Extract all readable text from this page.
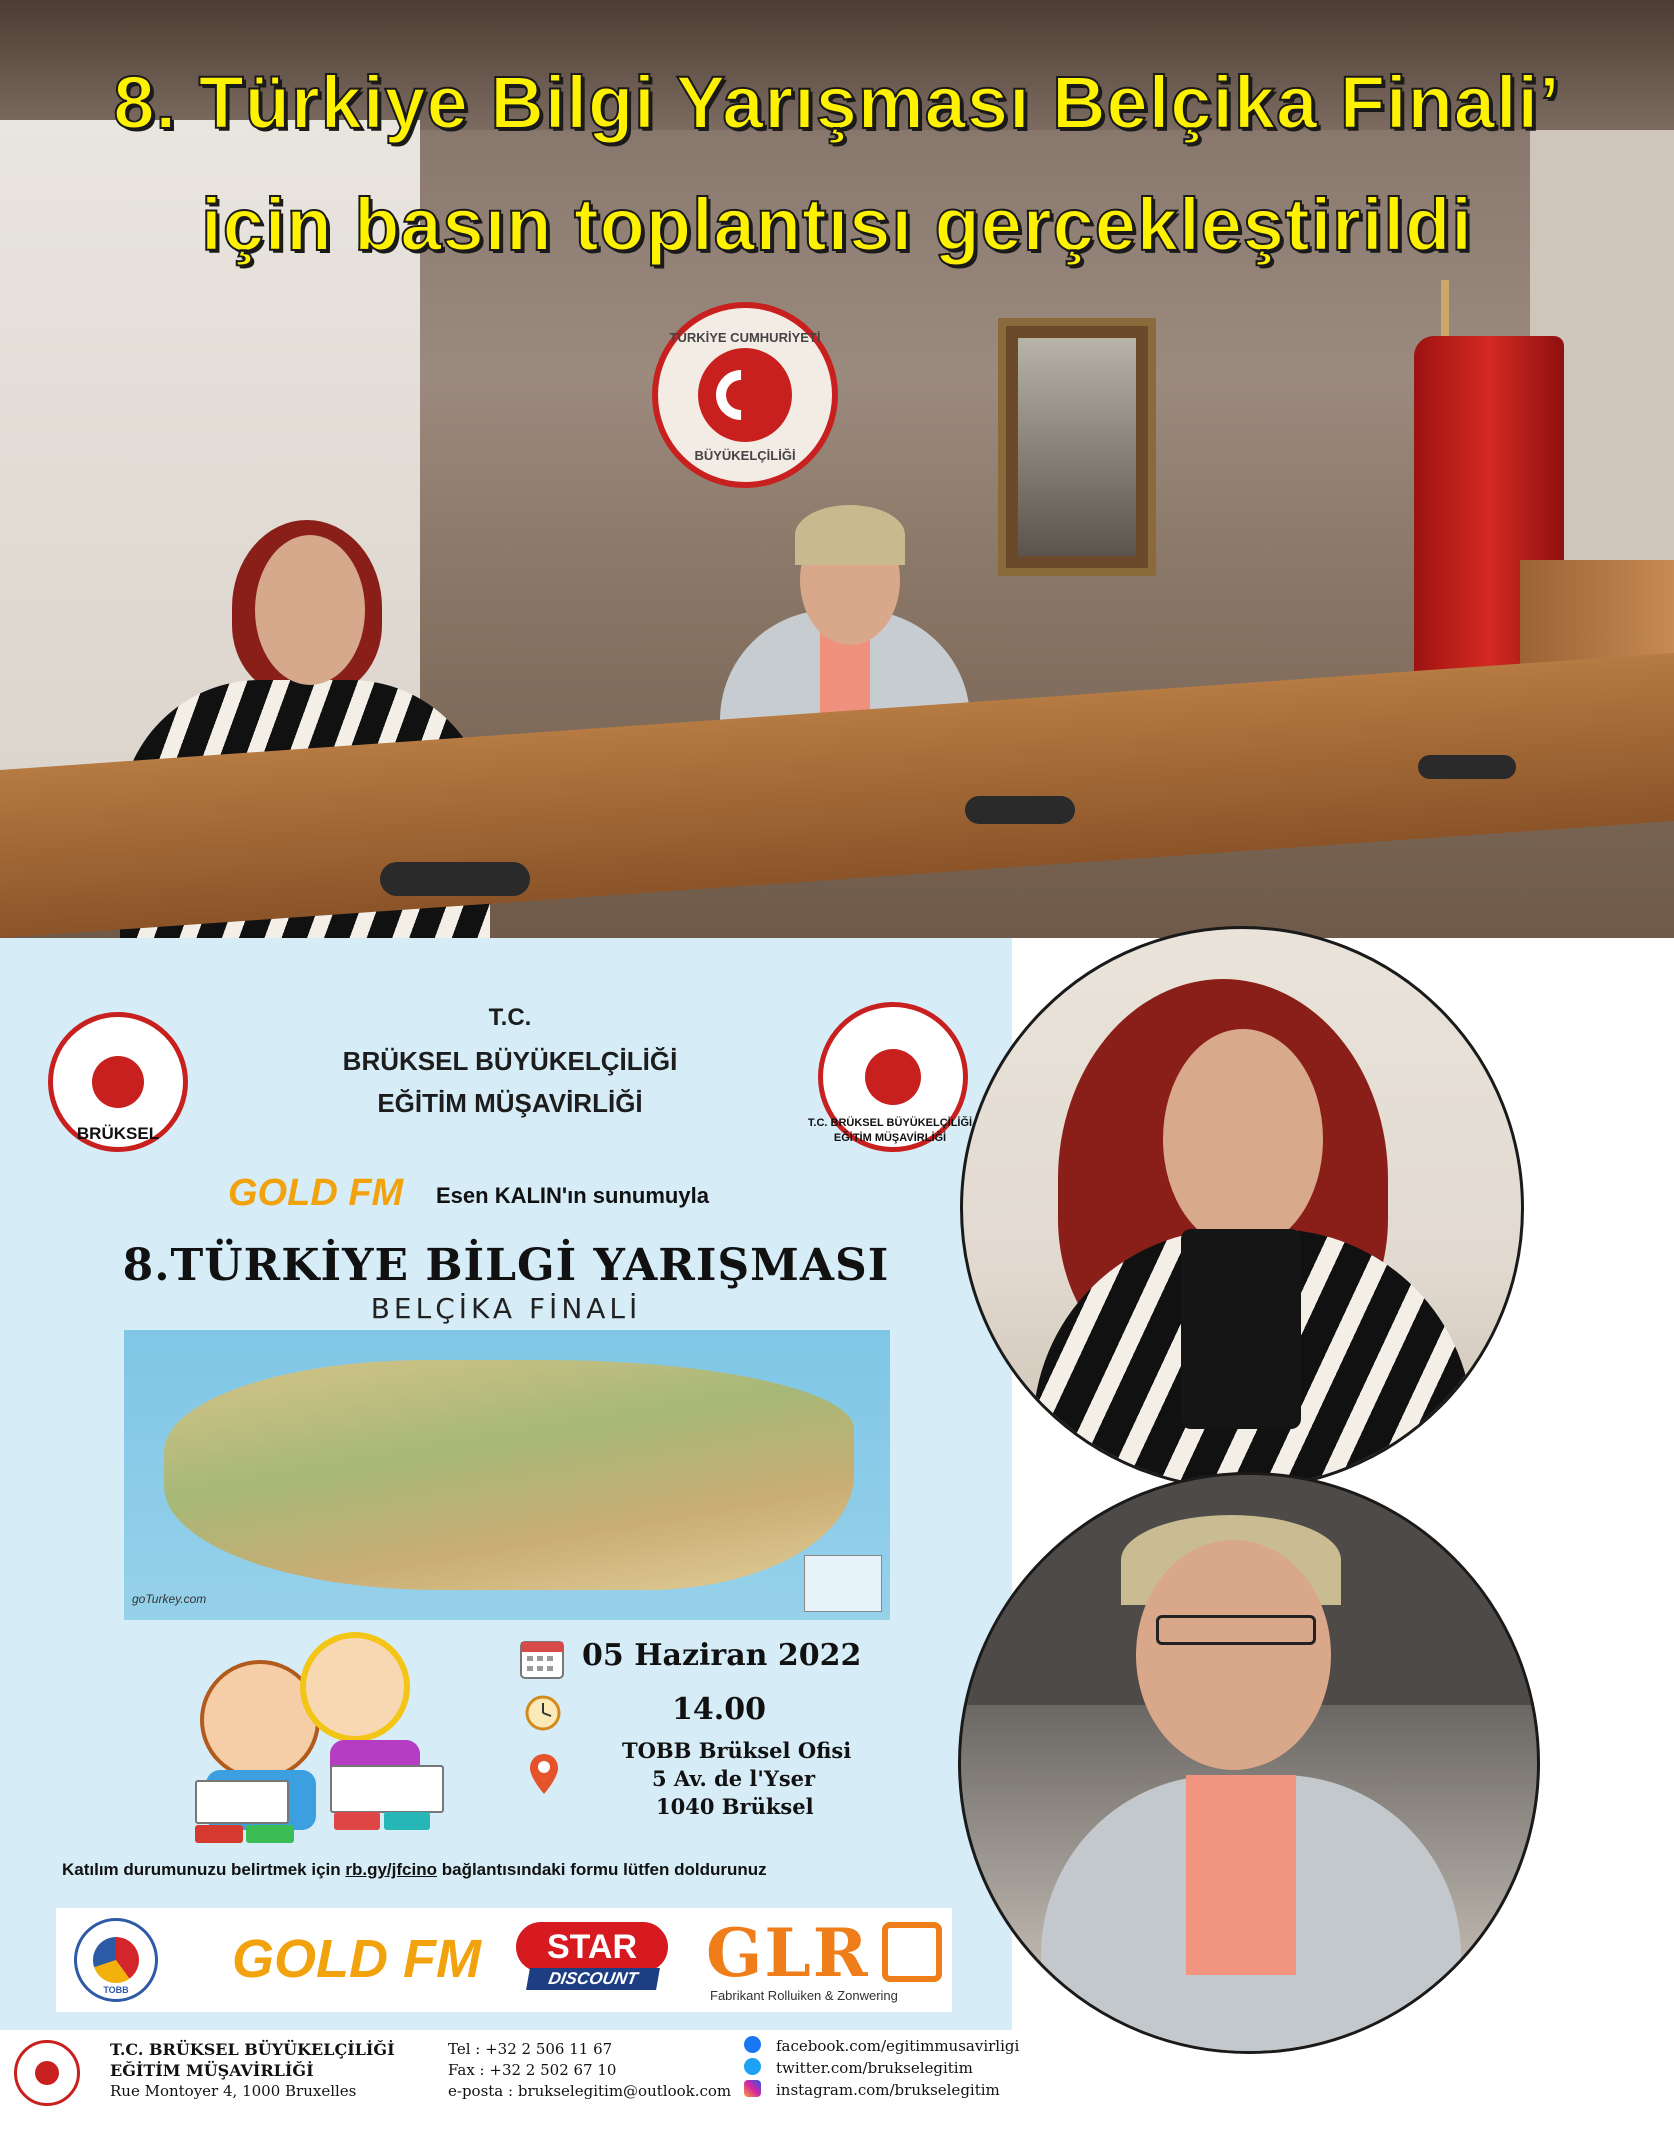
TÜRKİYE CUMHURİYETİ
BÜYÜKELÇİLİĞİ
8. Türkiye Bilgi Yarışması Belçika Finali’
için basın toplantısı gerçekleştirildi
BRÜKSEL
T.C.
BRÜKSEL BÜYÜKELÇİLİĞİ
EĞİTİM MÜŞAVİRLİĞİ
T.C. BRÜKSEL BÜYÜKELÇİLİĞİ
EĞİTİM MÜŞAVİRLİĞİ
GOLD FM Esen KALIN'ın sunumuyla
8.TÜRKİYE BİLGİ YARIŞMASI
BELÇİKA FİNALİ
goTurkey.com
05 Haziran 2022
14.00
TOBB Brüksel Ofisi
5 Av. de l'Yser
1040 Brüksel
Katılım durumunuzu belirtmek için rb.gy/jfcino bağlantısındaki formu lütfen doldurunuz
TOBB
GOLD FM	STAR
DISCOUNT	GLR
Fabrikant Rolluiken & Zonwering
T.C. BRÜKSEL BÜYÜKELÇİLİĞİ
EĞİTİM MÜŞAVİRLİĞİ
Rue Montoyer 4, 1000 Bruxelles
Tel : +32 2 506 11 67
Fax : +32 2 502 67 10
e-posta : brukselegitim@outlook.com
facebook.com/egitimmusavirligi
twitter.com/brukselegitim
instagram.com/brukselegitim
